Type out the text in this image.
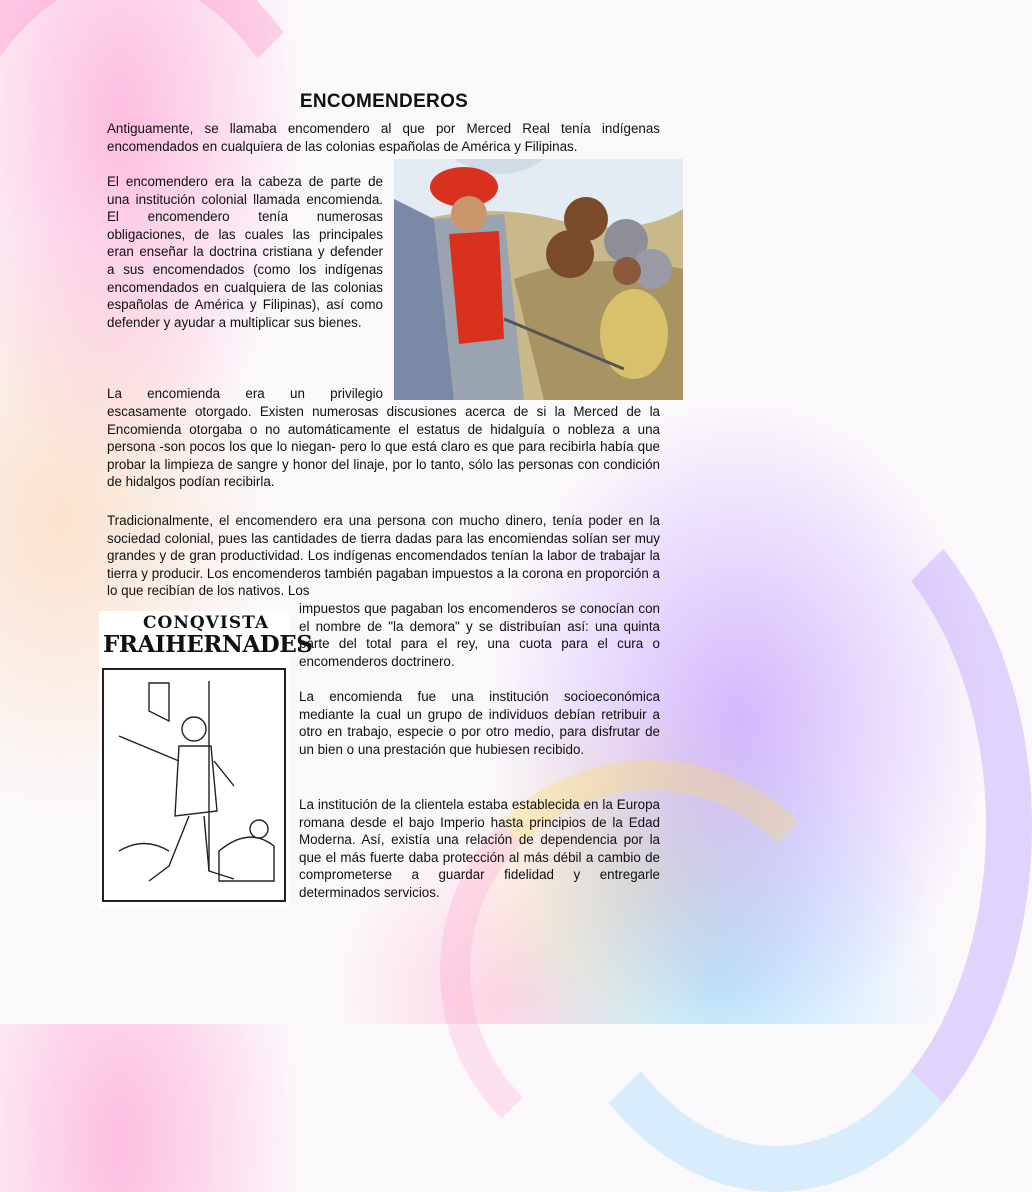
ENCOMENDEROS

Antiguamente, se llamaba encomendero al que por Merced Real tenía indígenas encomendados en cualquiera de las colonias españolas de América y Filipinas.

El encomendero era la cabeza de parte de una institución colonial llamada encomienda. El encomendero tenía numerosas obligaciones, de las cuales las principales eran enseñar la doctrina cristiana y defender a sus encomendados (como los indígenas encomendados en cualquiera de las colonias españolas de América y Filipinas), así como defender y ayudar a multiplicar sus bienes.

La encomienda era un privilegio

escasamente otorgado. Existen numerosas discusiones acerca de si la Merced de la Encomienda otorgaba o no automáticamente el estatus de hidalguía o nobleza a una persona -son pocos los que lo niegan- pero lo que está claro es que para recibirla había que probar la limpieza de sangre y honor del linaje, por lo tanto, sólo las personas con condición de hidalgos podían recibirla.

Tradicionalmente, el encomendero era una persona con mucho dinero, tenía poder en la sociedad colonial, pues las cantidades de tierra dadas para las encomiendas solían ser muy grandes y de gran productividad. Los indígenas encomendados tenían la labor de trabajar la tierra y producir. Los encomenderos también pagaban impuestos a la corona en proporción a lo que recibían de los nativos. Los

CONQVISTA
FRAIHERNADES

impuestos que pagaban los encomenderos se conocían con el nombre de "la demora" y se distribuían así: una quinta parte del total para el rey, una cuota para el cura o encomenderos doctrinero.

La encomienda fue una institución socioeconómica mediante la cual un grupo de individuos debían retribuir a otro en trabajo, especie o por otro medio, para disfrutar de un bien o una prestación que hubiesen recibido.

La institución de la clientela estaba establecida en la Europa romana desde el bajo Imperio hasta principios de la Edad Moderna. Así, existía una relación de dependencia por la que el más fuerte daba protección al más débil a cambio de comprometerse a guardar fidelidad y entregarle determinados servicios.
